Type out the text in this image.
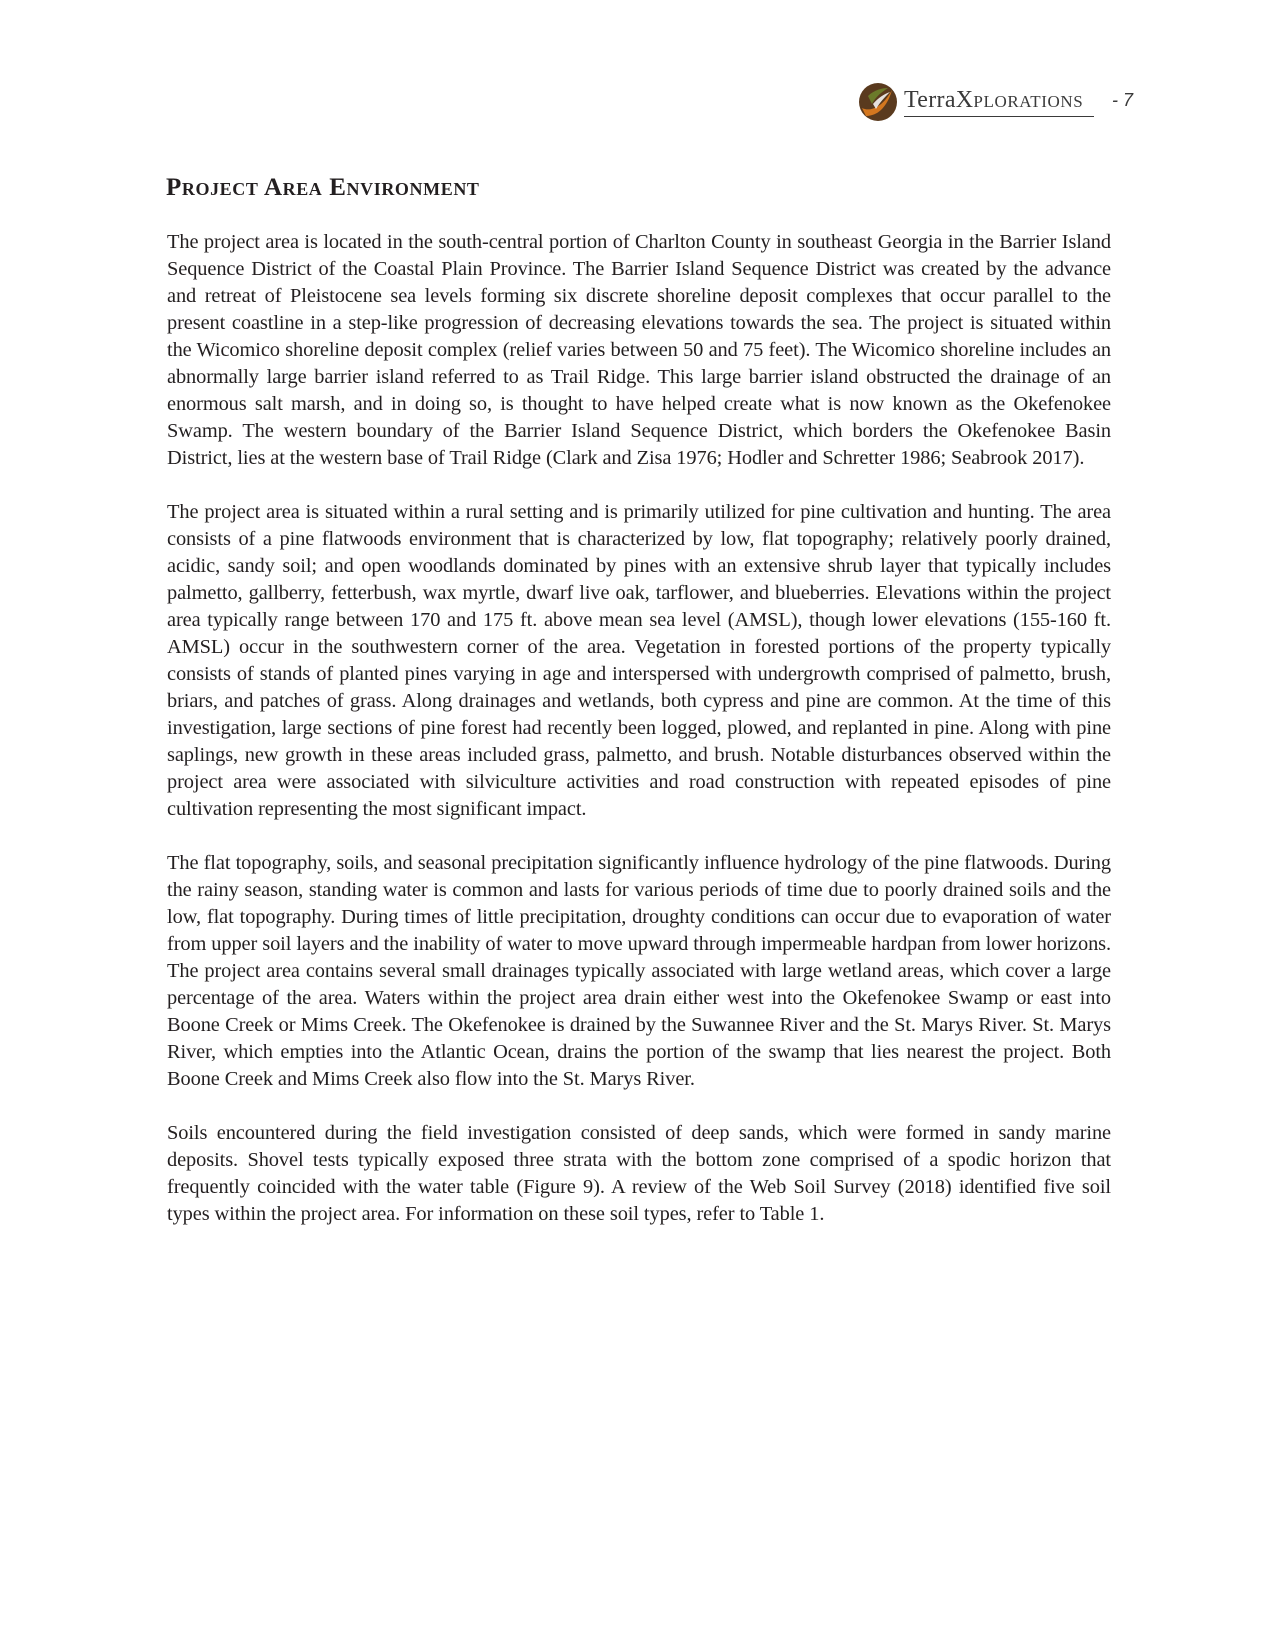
TerraXPLORATIONS - 7
Project Area Environment

The project area is located in the south-central portion of Charlton County in southeast Georgia in the Barrier Island Sequence District of the Coastal Plain Province. The Barrier Island Sequence District was created by the advance and retreat of Pleistocene sea levels forming six discrete shoreline deposit complexes that occur parallel to the present coastline in a step-like progression of decreasing elevations towards the sea. The project is situated within the Wicomico shoreline deposit complex (relief varies between 50 and 75 feet). The Wicomico shoreline includes an abnormally large barrier island referred to as Trail Ridge. This large barrier island obstructed the drainage of an enormous salt marsh, and in doing so, is thought to have helped create what is now known as the Okefenokee Swamp. The western boundary of the Barrier Island Sequence District, which borders the Okefenokee Basin District, lies at the western base of Trail Ridge (Clark and Zisa 1976; Hodler and Schretter 1986; Seabrook 2017).

The project area is situated within a rural setting and is primarily utilized for pine cultivation and hunting. The area consists of a pine flatwoods environment that is characterized by low, flat topography; relatively poorly drained, acidic, sandy soil; and open woodlands dominated by pines with an extensive shrub layer that typically includes palmetto, gallberry, fetterbush, wax myrtle, dwarf live oak, tarflower, and blueberries. Elevations within the project area typically range between 170 and 175 ft. above mean sea level (AMSL), though lower elevations (155-160 ft. AMSL) occur in the southwestern corner of the area. Vegetation in forested portions of the property typically consists of stands of planted pines varying in age and interspersed with undergrowth comprised of palmetto, brush, briars, and patches of grass. Along drainages and wetlands, both cypress and pine are common. At the time of this investigation, large sections of pine forest had recently been logged, plowed, and replanted in pine. Along with pine saplings, new growth in these areas included grass, palmetto, and brush. Notable disturbances observed within the project area were associated with silviculture activities and road construction with repeated episodes of pine cultivation representing the most significant impact.

The flat topography, soils, and seasonal precipitation significantly influence hydrology of the pine flatwoods. During the rainy season, standing water is common and lasts for various periods of time due to poorly drained soils and the low, flat topography. During times of little precipitation, droughty conditions can occur due to evaporation of water from upper soil layers and the inability of water to move upward through impermeable hardpan from lower horizons. The project area contains several small drainages typically associated with large wetland areas, which cover a large percentage of the area. Waters within the project area drain either west into the Okefenokee Swamp or east into Boone Creek or Mims Creek. The Okefenokee is drained by the Suwannee River and the St. Marys River. St. Marys River, which empties into the Atlantic Ocean, drains the portion of the swamp that lies nearest the project. Both Boone Creek and Mims Creek also flow into the St. Marys River.

Soils encountered during the field investigation consisted of deep sands, which were formed in sandy marine deposits. Shovel tests typically exposed three strata with the bottom zone comprised of a spodic horizon that frequently coincided with the water table (Figure 9). A review of the Web Soil Survey (2018) identified five soil types within the project area. For information on these soil types, refer to Table 1.
